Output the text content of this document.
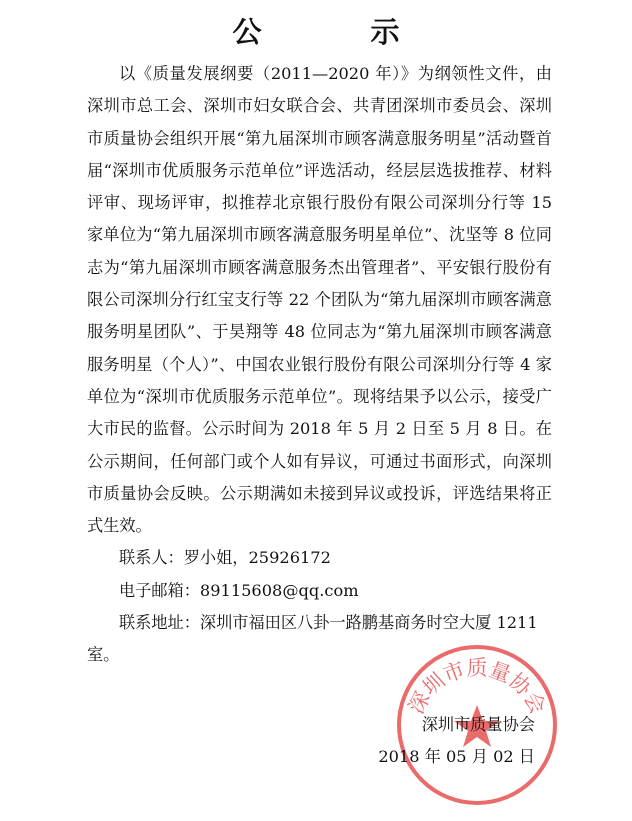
公　示

以《质量发展纲要（2011—2020 年）》为纲领性文件，由深圳市总工会、深圳市妇女联合会、共青团深圳市委员会、深圳市质量协会组织开展“第九届深圳市顾客满意服务明星”活动暨首届“深圳市优质服务示范单位”评选活动，经层层选拔推荐、材料评审、现场评审，拟推荐北京银行股份有限公司深圳分行等 15 家单位为“第九届深圳市顾客满意服务明星单位”、沈坚等 8 位同志为“第九届深圳市顾客满意服务杰出管理者”、平安银行股份有限公司深圳分行红宝支行等 22 个团队为“第九届深圳市顾客满意服务明星团队”、于昊翔等 48 位同志为“第九届深圳市顾客满意服务明星（个人）”、中国农业银行股份有限公司深圳分行等 4 家单位为“深圳市优质服务示范单位”。现将结果予以公示，接受广大市民的监督。公示时间为 2018 年 5 月 2 日至 5 月 8 日。在公示期间，任何部门或个人如有异议，可通过书面形式，向深圳市质量协会反映。公示期满如未接到异议或投诉，评选结果将正式生效。

联系人：罗小姐，25926172

电子邮箱：89115608@qq.com

联系地址：深圳市福田区八卦一路鹏基商务时空大厦 1211 室。

深圳市质量协会

深圳市质量协会

2018 年 05 月 02 日
